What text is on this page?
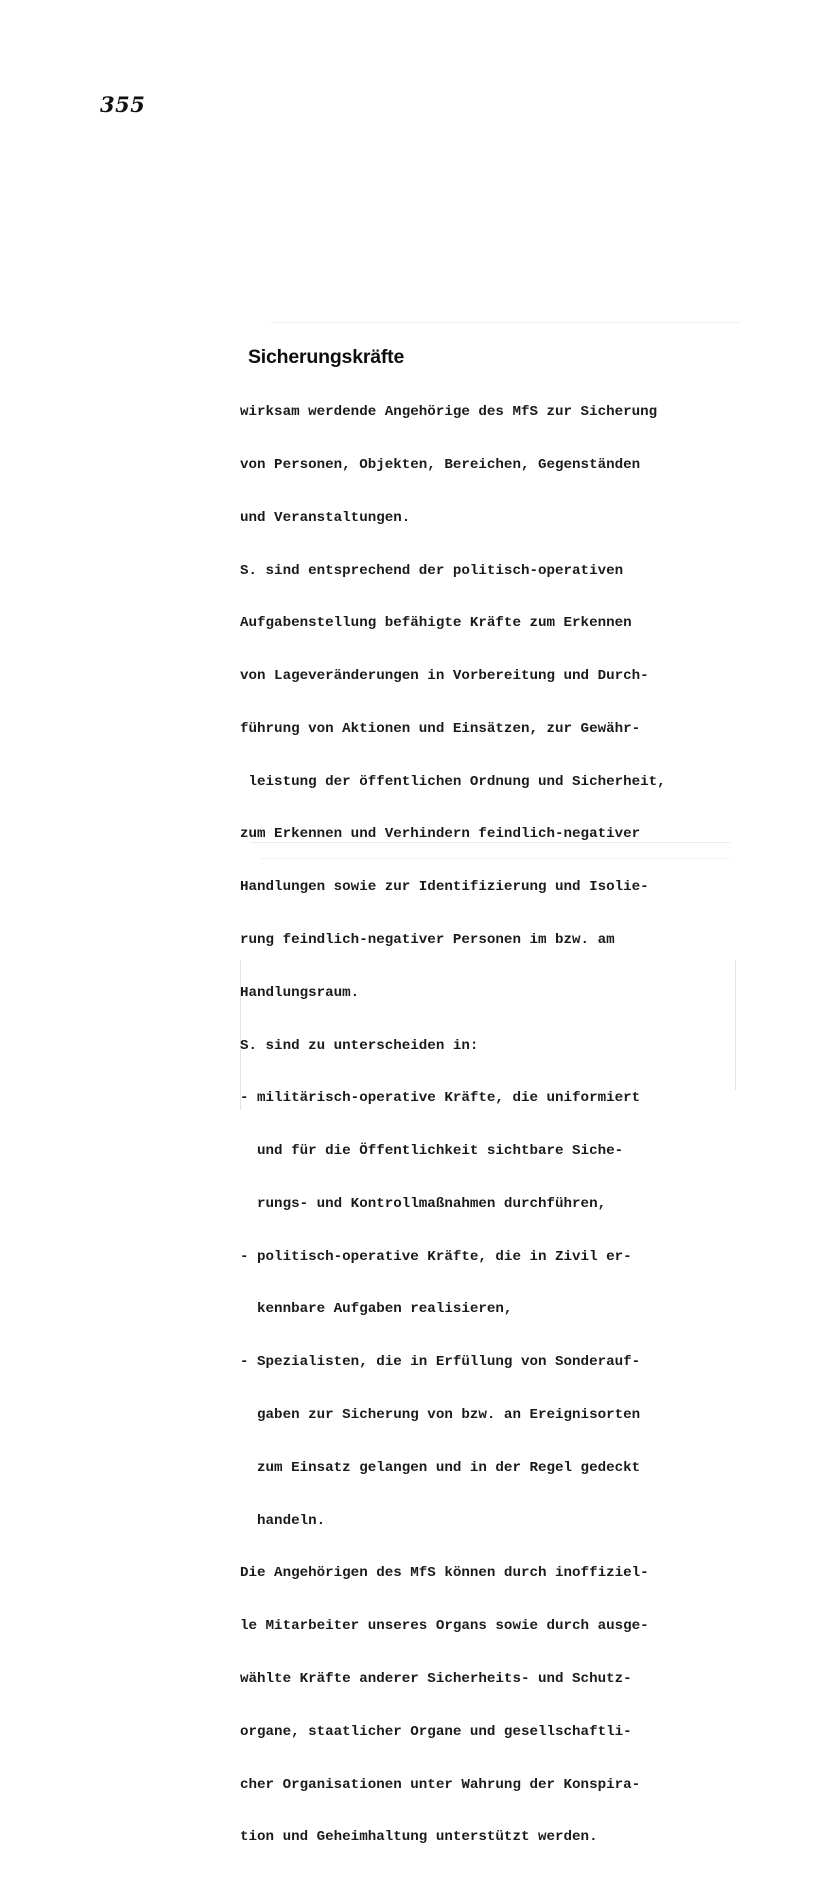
355
Sicherungskräfte

wirksam werdende Angehörige des MfS zur Sicherung

von Personen, Objekten, Bereichen, Gegenständen

und Veranstaltungen.

S. sind entsprechend der politisch-operativen

Aufgabenstellung befähigte Kräfte zum Erkennen

von Lageveränderungen in Vorbereitung und Durch-

führung von Aktionen und Einsätzen, zur Gewähr-

leistung der öffentlichen Ordnung und Sicherheit,

zum Erkennen und Verhindern feindlich-negativer

Handlungen sowie zur Identifizierung und Isolie-

rung feindlich-negativer Personen im bzw. am

Handlungsraum.

S. sind zu unterscheiden in:

- militärisch-operative Kräfte, die uniformiert

und für die Öffentlichkeit sichtbare Siche-

rungs- und Kontrollmaßnahmen durchführen,

- politisch-operative Kräfte, die in Zivil er-

kennbare Aufgaben realisieren,

- Spezialisten, die in Erfüllung von Sonderauf-

gaben zur Sicherung von bzw. an Ereignisorten

zum Einsatz gelangen und in der Regel gedeckt

handeln.

Die Angehörigen des MfS können durch inoffiziel-

le Mitarbeiter unseres Organs sowie durch ausge-

wählte Kräfte anderer Sicherheits- und Schutz-

organe, staatlicher Organe und gesellschaftli-

cher Organisationen unter Wahrung der Konspira-

tion und Geheimhaltung unterstützt werden.
